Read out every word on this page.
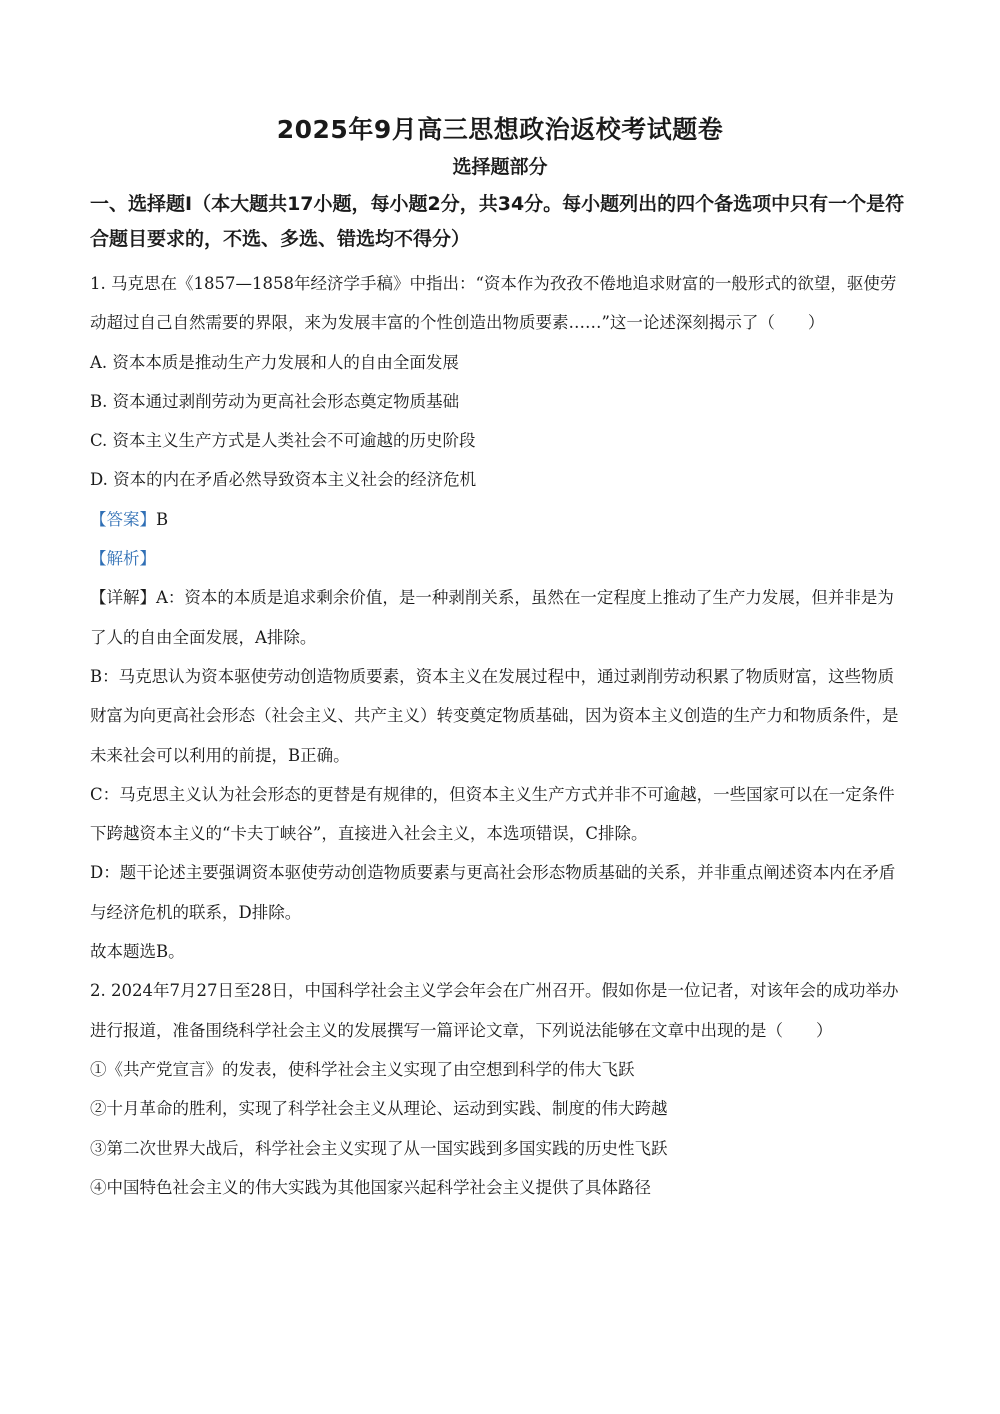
2025年9月高三思想政治返校考试题卷
选择题部分
一、选择题Ⅰ（本大题共17小题，每小题2分，共34分。每小题列出的四个备选项中只有一个是符合题目要求的，不选、多选、错选均不得分）

1. 马克思在《1857—1858年经济学手稿》中指出：“资本作为孜孜不倦地追求财富的一般形式的欲望，驱使劳动超过自己自然需要的界限，来为发展丰富的个性创造出物质要素……”这一论述深刻揭示了（　　）

A. 资本本质是推动生产力发展和人的自由全面发展

B. 资本通过剥削劳动为更高社会形态奠定物质基础

C. 资本主义生产方式是人类社会不可逾越的历史阶段

D. 资本的内在矛盾必然导致资本主义社会的经济危机

【答案】B

【解析】

【详解】A：资本的本质是追求剩余价值，是一种剥削关系，虽然在一定程度上推动了生产力发展，但并非是为了人的自由全面发展，A排除。

B：马克思认为资本驱使劳动创造物质要素，资本主义在发展过程中，通过剥削劳动积累了物质财富，这些物质财富为向更高社会形态（社会主义、共产主义）转变奠定物质基础，因为资本主义创造的生产力和物质条件，是未来社会可以利用的前提，B正确。

C：马克思主义认为社会形态的更替是有规律的，但资本主义生产方式并非不可逾越，一些国家可以在一定条件下跨越资本主义的“卡夫丁峡谷”，直接进入社会主义，本选项错误，C排除。

D：题干论述主要强调资本驱使劳动创造物质要素与更高社会形态物质基础的关系，并非重点阐述资本内在矛盾与经济危机的联系，D排除。

故本题选B。

2. 2024年7月27日至28日，中国科学社会主义学会年会在广州召开。假如你是一位记者，对该年会的成功举办进行报道，准备围绕科学社会主义的发展撰写一篇评论文章，下列说法能够在文章中出现的是（　　）

①《共产党宣言》的发表，使科学社会主义实现了由空想到科学的伟大飞跃

②十月革命的胜利，实现了科学社会主义从理论、运动到实践、制度的伟大跨越

③第二次世界大战后，科学社会主义实现了从一国实践到多国实践的历史性飞跃

④中国特色社会主义的伟大实践为其他国家兴起科学社会主义提供了具体路径
